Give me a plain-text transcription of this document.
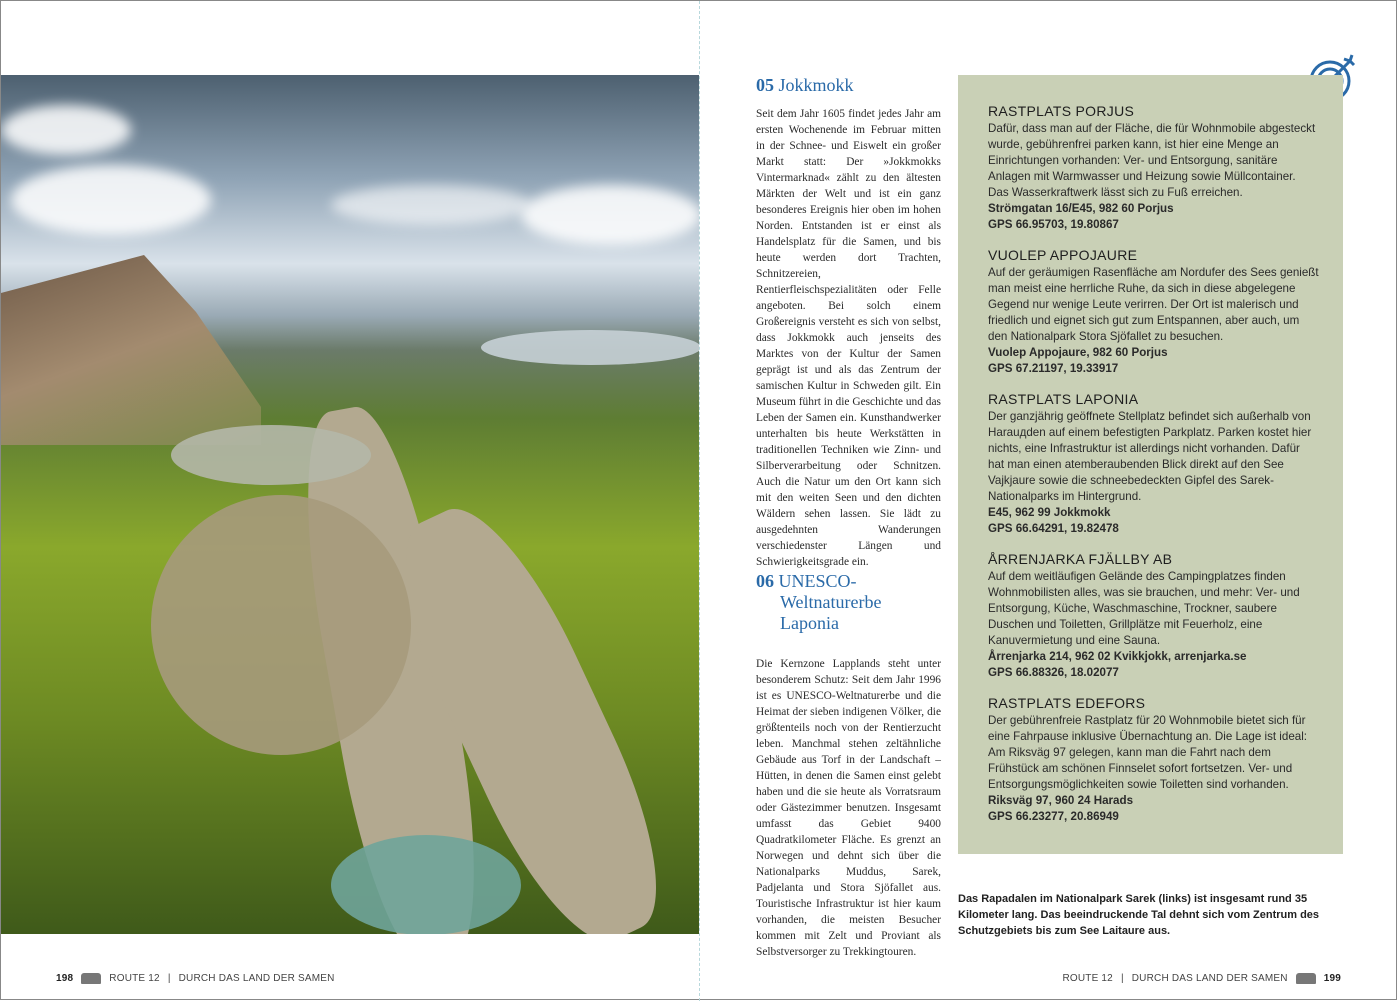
05 Jokkmokk

Seit dem Jahr 1605 findet jedes Jahr am ersten Wochenende im Februar mitten in der Schnee- und Eiswelt ein großer Markt statt: Der »Jokkmokks Vintermarknad« zählt zu den ältesten Märkten der Welt und ist ein ganz besonderes Ereignis hier oben im hohen Norden. Entstanden ist er einst als Handelsplatz für die Samen, und bis heute werden dort Trachten, Schnitzereien, Rentierfleischspezialitäten oder Felle angeboten. Bei solch einem Großereignis versteht es sich von selbst, dass Jokkmokk auch jenseits des Marktes von der Kultur der Samen geprägt ist und als das Zentrum der samischen Kultur in Schweden gilt. Ein Museum führt in die Geschichte und das Leben der Samen ein. Kunsthandwerker unterhalten bis heute Werkstätten in traditionellen Techniken wie Zinn- und Silberverarbeitung oder Schnitzen. Auch die Natur um den Ort kann sich mit den weiten Seen und den dichten Wäldern sehen lassen. Sie lädt zu ausgedehnten Wanderungen verschiedenster Längen und Schwierigkeitsgrade ein.

06 UNESCO-Weltnaturerbe Laponia

Die Kernzone Lapplands steht unter besonderem Schutz: Seit dem Jahr 1996 ist es UNESCO-Weltnaturerbe und die Heimat der sieben indigenen Völker, die größtenteils noch von der Rentierzucht leben. Manchmal stehen zeltähnliche Gebäude aus Torf in der Landschaft – Hütten, in denen die Samen einst gelebt haben und die sie heute als Vorratsraum oder Gästezimmer benutzen. Insgesamt umfasst das Gebiet 9400 Quadratkilometer Fläche. Es grenzt an Norwegen und dehnt sich über die Nationalparks Muddus, Sarek, Padjelanta und Stora Sjöfallet aus. Touristische Infrastruktur ist hier kaum vorhanden, die meisten Besucher kommen mit Zelt und Proviant als Selbstversorger zu Trekkingtouren.

RASTPLATS PORJUS

Dafür, dass man auf der Fläche, die für Wohnmobile abgesteckt wurde, gebührenfrei parken kann, ist hier eine Menge an Einrichtungen vorhanden: Ver- und Entsorgung, sanitäre Anlagen mit Warmwasser und Heizung sowie Müllcontainer. Das Wasserkraftwerk lässt sich zu Fuß erreichen.

Strömgatan 16/E45, 982 60 Porjus

GPS 66.95703, 19.80867

VUOLEP APPOJAURE

Auf der geräumigen Rasenfläche am Nordufer des Sees genießt man meist eine herrliche Ruhe, da sich in diese abgelegene Gegend nur wenige Leute verirren. Der Ort ist malerisch und friedlich und eignet sich gut zum Entspannen, aber auch, um den Nationalpark Stora Sjöfallet zu besuchen.

Vuolep Appojaure, 982 60 Porjus

GPS 67.21197, 19.33917

RASTPLATS LAPONIA

Der ganzjährig geöffnete Stellplatz befindet sich außerhalb von Harauдden auf einem befestigten Parkplatz. Parken kostet hier nichts, eine Infrastruktur ist allerdings nicht vorhanden. Dafür hat man einen atemberaubenden Blick direkt auf den See Vajkjaure sowie die schneebedeckten Gipfel des Sarek-Nationalparks im Hintergrund.

E45, 962 99 Jokkmokk

GPS 66.64291, 19.82478

ÅRRENJARKA FJÄLLBY AB

Auf dem weitläufigen Gelände des Campingplatzes finden Wohnmobilisten alles, was sie brauchen, und mehr: Ver- und Entsorgung, Küche, Waschmaschine, Trockner, saubere Duschen und Toiletten, Grillplätze mit Feuerholz, eine Kanuvermietung und eine Sauna.

Årrenjarka 214, 962 02 Kvikkjokk, arrenjarka.se

GPS 66.88326, 18.02077

RASTPLATS EDEFORS

Der gebührenfreie Rastplatz für 20 Wohnmobile bietet sich für eine Fahrpause inklusive Übernachtung an. Die Lage ist ideal: Am Riksväg 97 gelegen, kann man die Fahrt nach dem Frühstück am schönen Finnselet sofort fortsetzen. Ver- und Entsorgungsmöglichkeiten sowie Toiletten sind vorhanden.

Riksväg 97, 960 24 Harads

GPS 66.23277, 20.86949

Das Rapadalen im Nationalpark Sarek (links) ist insgesamt rund 35 Kilometer lang. Das beeindruckende Tal dehnt sich vom Zentrum des Schutzgebiets bis zum See Laitaure aus.

198	ROUTE 12 | DURCH DAS LAND DER SAMEN	ROUTE 12 | DURCH DAS LAND DER SAMEN	199
